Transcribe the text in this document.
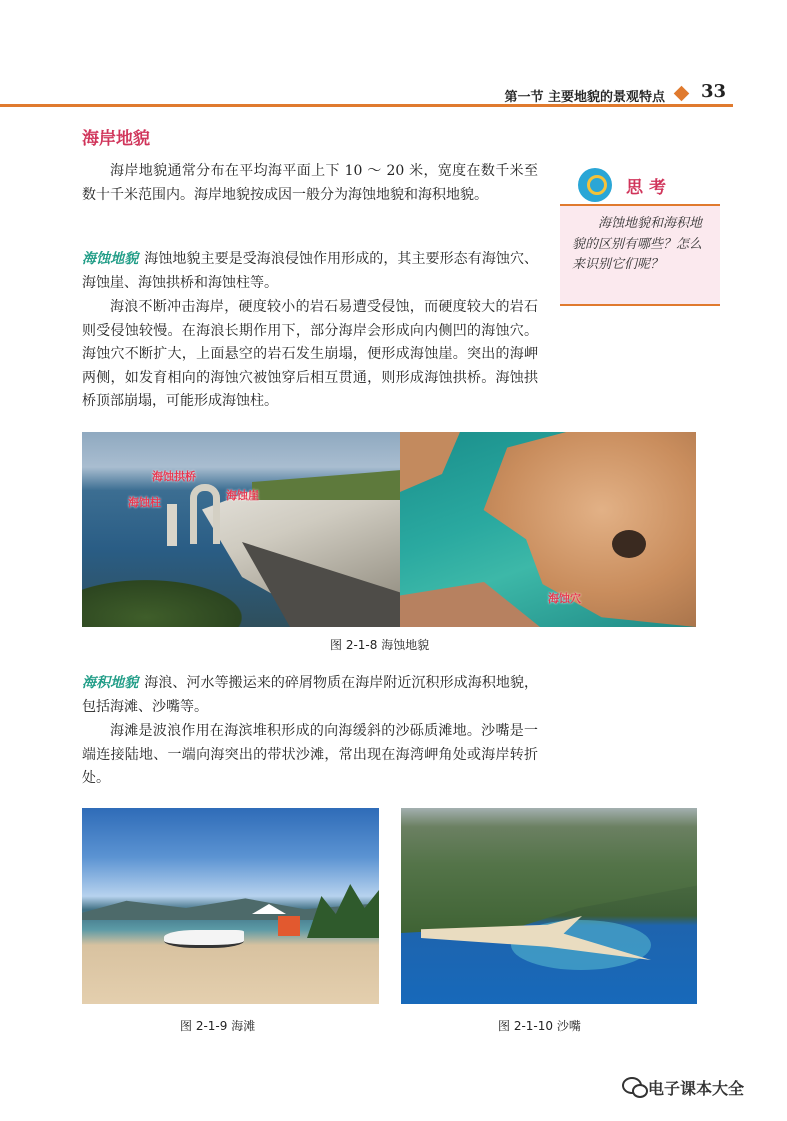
第一节 主要地貌的景观特点 33
海岸地貌

海岸地貌通常分布在平均海平面上下 10 ～ 20 米，宽度在数千米至数十千米范围内。海岸地貌按成因一般分为海蚀地貌和海积地貌。	思考

海蚀地貌和海积地貌的区别有哪些？怎么来识别它们呢？

海蚀地貌 海蚀地貌主要是受海浪侵蚀作用形成的，其主要形态有海蚀穴、海蚀崖、海蚀拱桥和海蚀柱等。

海浪不断冲击海岸，硬度较小的岩石易遭受侵蚀，而硬度较大的岩石则受侵蚀较慢。在海浪长期作用下，部分海岸会形成向内侧凹的海蚀穴。海蚀穴不断扩大，上面悬空的岩石发生崩塌，便形成海蚀崖。突出的海岬两侧，如发育相向的海蚀穴被蚀穿后相互贯通，则形成海蚀拱桥。海蚀拱桥顶部崩塌，可能形成海蚀柱。

海蚀拱桥
海蚀柱
海蚀崖
海蚀穴
图 2-1-8 海蚀地貌

海积地貌 海浪、河水等搬运来的碎屑物质在海岸附近沉积形成海积地貌，包括海滩、沙嘴等。

海滩是波浪作用在海滨堆积形成的向海缓斜的沙砾质滩地。沙嘴是一端连接陆地、一端向海突出的带状沙滩，常出现在海湾岬角处或海岸转折处。

图 2-1-9 海滩	图 2-1-10 沙嘴
电子课本大全
